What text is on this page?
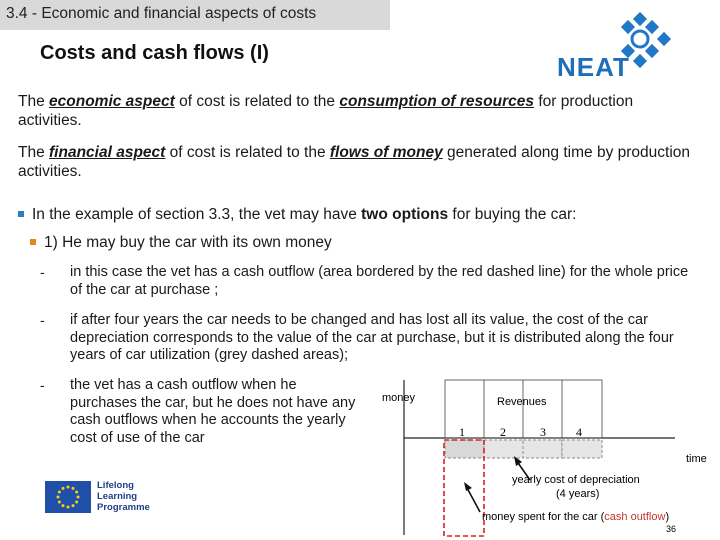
3.4 - Economic and financial aspects of costs
Costs and cash flows (I)	NEAT
The economic aspect of cost is related to the consumption of resources for production activities.
The financial aspect of cost is related to the flows of money generated along time by production activities.
In the example of section 3.3, the vet may have two options for buying the car:
1) He may buy the car with its own money
- in this case the vet has a cash outflow (area bordered by the red dashed line) for the whole price of the car at purchase ;
- if after four years the car needs to be changed and has lost all its value, the cost of the car depreciation corresponds to the value of the car at purchase, but it is distributed along the four years of car utilization (grey dashed areas);
- the vet has a cash outflow when he purchases the car, but he does not have any cash outflows when he accounts the yearly cost of use of the car
money	Revenues
1	2	3	4
time
yearly cost of depreciation
(4 years)
money spent for the car (cash outflow)
36
Lifelong
Learning
Programme
